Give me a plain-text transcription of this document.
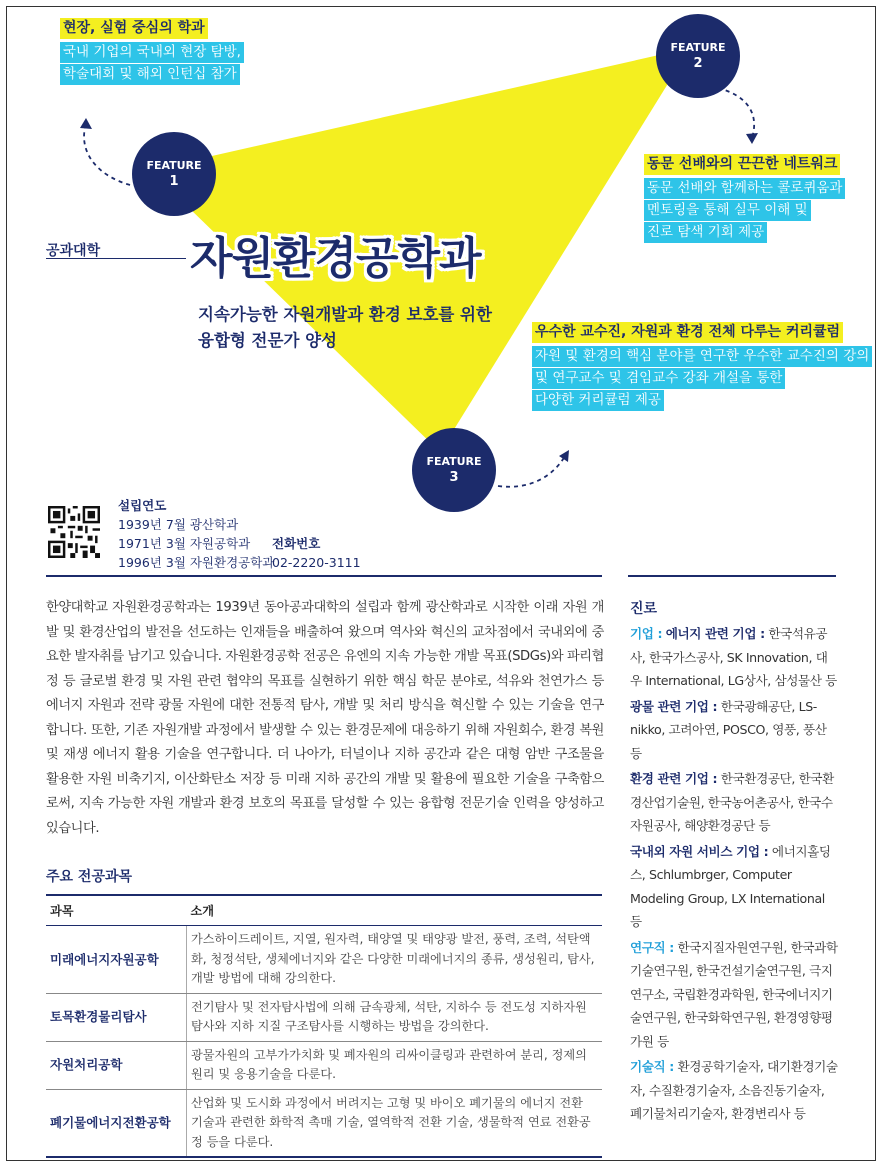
FEATURE
1
FEATURE
2
FEATURE
3
현장, 실험 중심의 학과
국내 기업의 국내외 현장 탐방,
학술대회 및 해외 인턴십 참가
동문 선배와의 끈끈한 네트워크
동문 선배와 함께하는 콜로퀴움과
멘토링을 통해 실무 이해 및
진로 탐색 기회 제공
우수한 교수진, 자원과 환경 전체 다루는 커리큘럼
자원 및 환경의 핵심 분야를 연구한 우수한 교수진의 강의
및 연구교수 및 겸임교수 강좌 개설을 통한
다양한 커리큘럼 제공
공과대학 자원환경공학과
지속가능한 자원개발과 환경 보호를 위한
융합형 전문가 양성
설립연도
1939년 7월 광산학과
1971년 3월 자원공학과
1996년 3월 자원환경공학과
전화번호
02-2220-3111
한양대학교 자원환경공학과는 1939년 동아공과대학의 설립과 함께 광산학과로 시작한 이래 자원 개발 및 환경산업의 발전을 선도하는 인재들을 배출하여 왔으며 역사와 혁신의 교차점에서 국내외에 중요한 발자취를 남기고 있습니다. 자원환경공학 전공은 유엔의 지속 가능한 개발 목표(SDGs)와 파리협정 등 글로벌 환경 및 자원 관련 협약의 목표를 실현하기 위한 핵심 학문 분야로, 석유와 천연가스 등 에너지 자원과 전략 광물 자원에 대한 전통적 탐사, 개발 및 처리 방식을 혁신할 수 있는 기술을 연구합니다. 또한, 기존 자원개발 과정에서 발생할 수 있는 환경문제에 대응하기 위해 자원회수, 환경 복원 및 재생 에너지 활용 기술을 연구합니다. 더 나아가, 터널이나 지하 공간과 같은 대형 암반 구조물을 활용한 자원 비축기지, 이산화탄소 저장 등 미래 지하 공간의 개발 및 활용에 필요한 기술을 구축함으로써, 지속 가능한 자원 개발과 환경 보호의 목표를 달성할 수 있는 융합형 전문기술 인력을 양성하고 있습니다.
주요 전공과목
과목	소개
미래에너지자원공학	가스하이드레이트, 지열, 원자력, 태양열 및 태양광 발전, 풍력, 조력, 석탄액화, 청정석탄, 생체에너지와 같은 다양한 미래에너지의 종류, 생성원리, 탐사, 개발 방법에 대해 강의한다.
토목환경물리탐사	전기탐사 및 전자탐사법에 의해 금속광체, 석탄, 지하수 등 전도성 지하자원 탐사와 지하 지질 구조탐사를 시행하는 방법을 강의한다.
자원처리공학	광물자원의 고부가가치화 및 폐자원의 리싸이클링과 관련하여 분리, 정제의 원리 및 응용기술을 다룬다.
폐기물에너지전환공학	산업화 및 도시화 과정에서 버려지는 고형 및 바이오 폐기물의 에너지 전환 기술과 관련한 화학적 촉매 기술, 열역학적 전환 기술, 생물학적 연료 전환공정 등을 다룬다.
진로

기업 : 에너지 관련 기업 : 한국석유공사, 한국가스공사, SK Innovation, 대우 International, LG상사, 삼성물산 등

광물 관련 기업 : 한국광해공단, LS-nikko, 고려아연, POSCO, 영풍, 풍산 등

환경 관련 기업 : 한국환경공단, 한국환경산업기술원, 한국농어촌공사, 한국수자원공사, 해양환경공단 등

국내외 자원 서비스 기업 : 에너지홀딩스, Schlumbrger, Computer Modeling Group, LX International 등

연구직 : 한국지질자원연구원, 한국과학기술연구원, 한국건설기술연구원, 극지연구소, 국립환경과학원, 한국에너지기술연구원, 한국화학연구원, 환경영향평가원 등

기술직 : 환경공학기술자, 대기환경기술자, 수질환경기술자, 소음진동기술자, 폐기물처리기술자, 환경변리사 등
